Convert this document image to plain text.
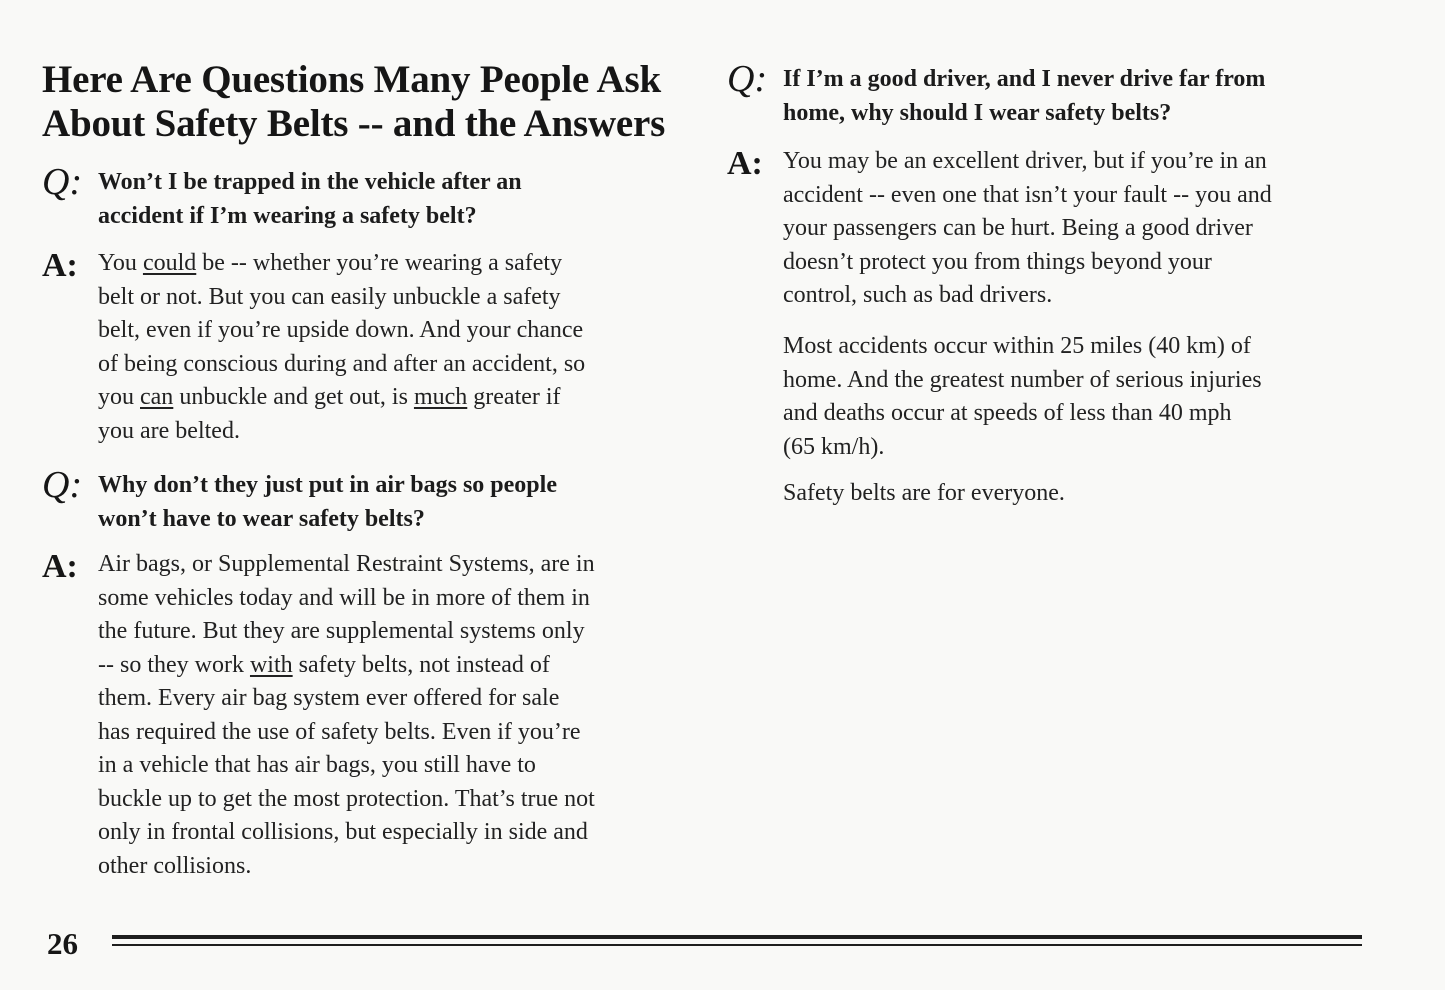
Here Are Questions Many People Ask
About Safety Belts -- and the Answers
Q: Won’t I be trapped in the vehicle after an
accident if I’m wearing a safety belt?

A: You could be -- whether you’re wearing a safety
belt or not. But you can easily unbuckle a safety
belt, even if you’re upside down. And your chance
of being conscious during and after an accident, so
you can unbuckle and get out, is much greater if
you are belted.

Q: Why don’t they just put in air bags so people
won’t have to wear safety belts?

A: Air bags, or Supplemental Restraint Systems, are in
some vehicles today and will be in more of them in
the future. But they are supplemental systems only
-- so they work with safety belts, not instead of
them. Every air bag system ever offered for sale
has required the use of safety belts. Even if you’re
in a vehicle that has air bags, you still have to
buckle up to get the most protection. That’s true not
only in frontal collisions, but especially in side and
other collisions.

Q: If I’m a good driver, and I never drive far from
home, why should I wear safety belts?

A: You may be an excellent driver, but if you’re in an
accident -- even one that isn’t your fault -- you and
your passengers can be hurt. Being a good driver
doesn’t protect you from things beyond your
control, such as bad drivers.

Most accidents occur within 25 miles (40 km) of
home. And the greatest number of serious injuries
and deaths occur at speeds of less than 40 mph
(65 km/h).

Safety belts are for everyone.

26
